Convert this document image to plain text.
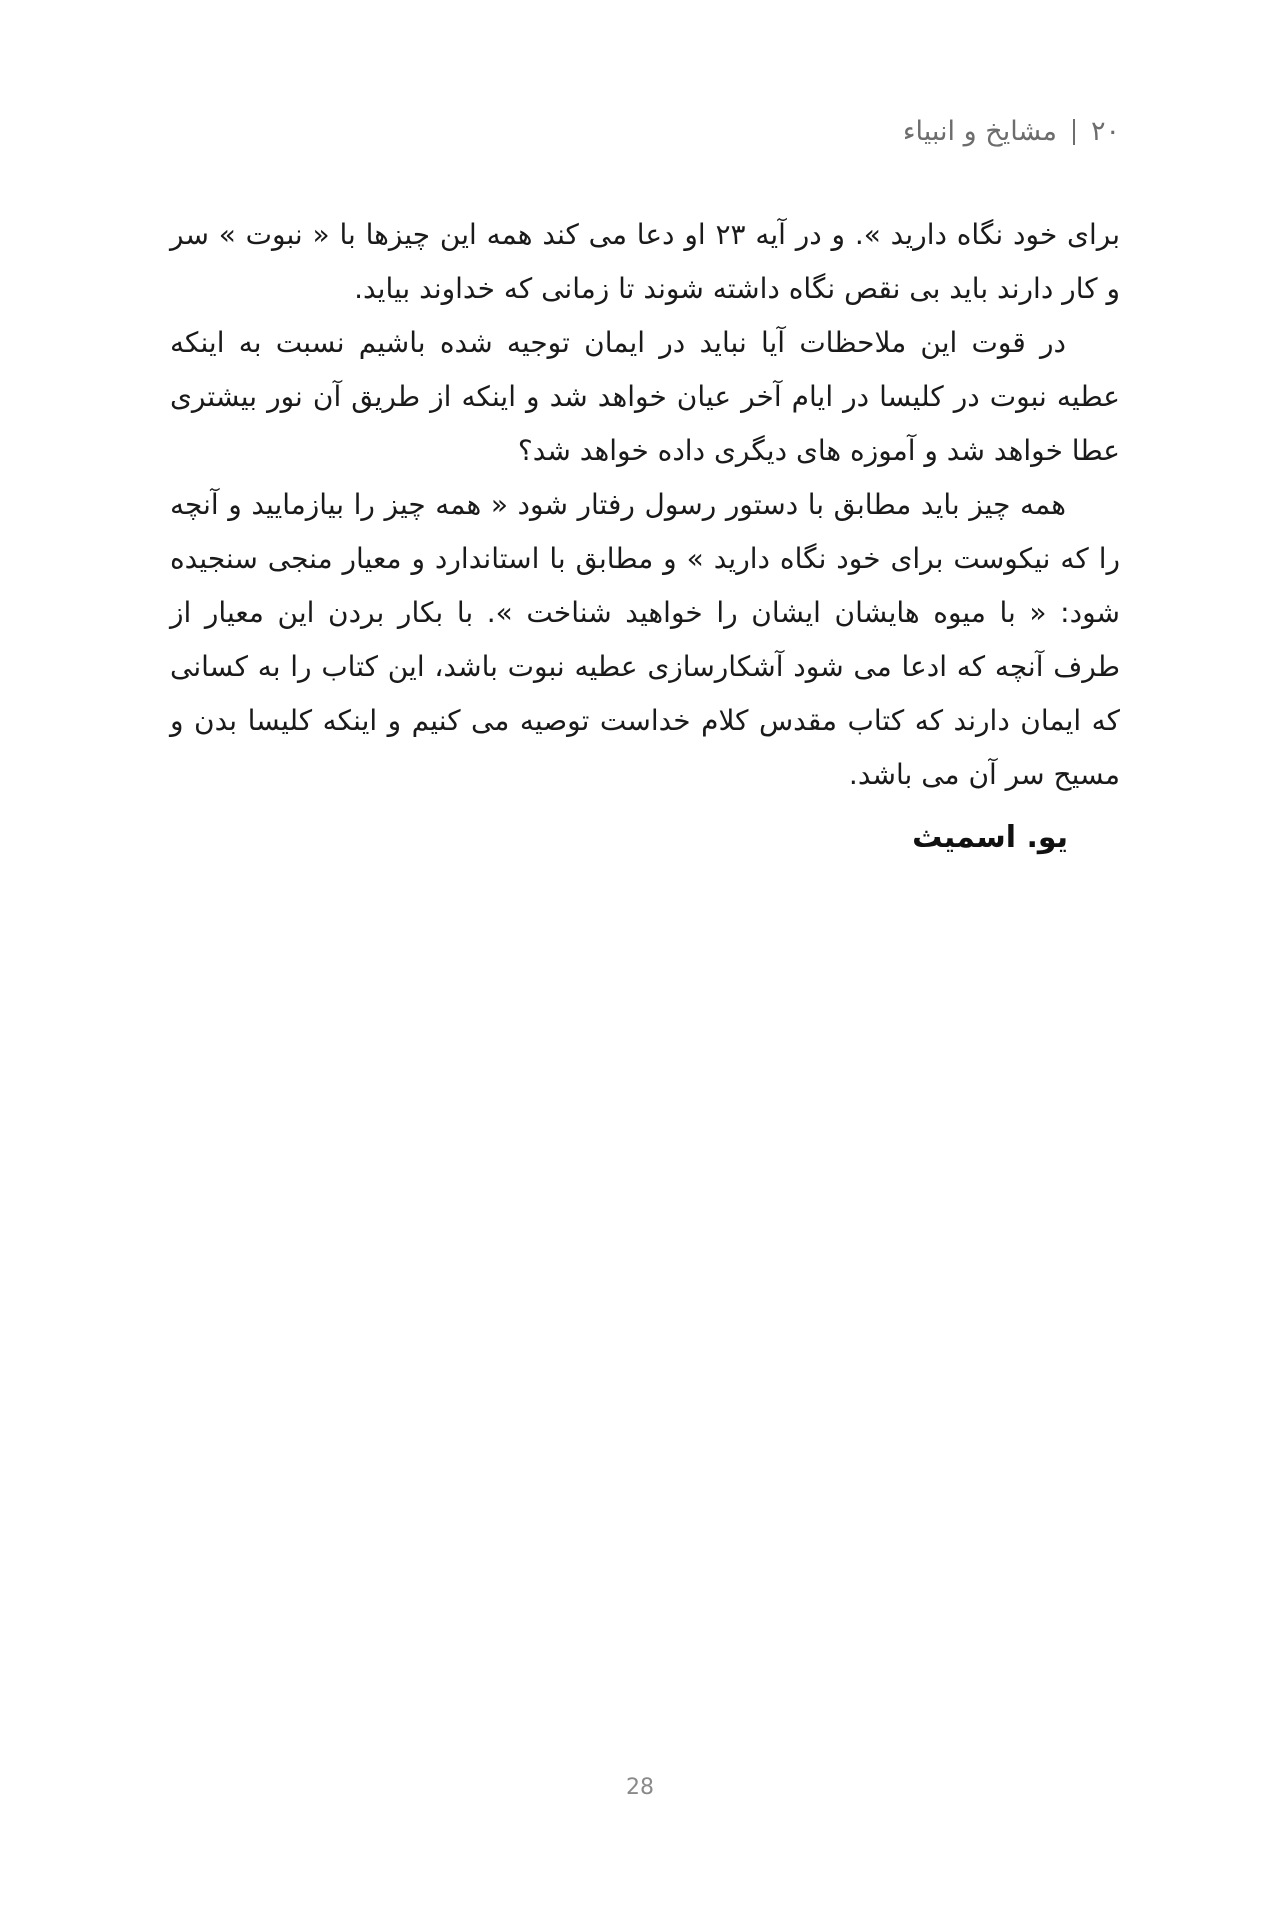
۲۰
مشایخ و انبیاء

برای خود نگاه دارید ». و در آیه ۲۳ او دعا می کند همه این چیزها با « نبوت » سر و کار دارند باید بی نقص نگاه داشته شوند تا زمانی که خداوند بیاید.

در قوت این ملاحظات آیا نباید در ایمان توجیه شده باشیم نسبت به اینکه عطیه نبوت در کلیسا در ایام آخر عیان خواهد شد و اینکه از طریق آن نور بیشتری عطا خواهد شد و آموزه های دیگری داده خواهد شد؟

همه چیز باید مطابق با دستور رسول رفتار شود « همه چیز را بیازمایید و آنچه را که نیکوست برای خود نگاه دارید » و مطابق با استاندارد و معیار منجی سنجیده شود: « با میوه هایشان ایشان را خواهید شناخت ». با بکار بردن این معیار از طرف آنچه که ادعا می شود آشکارسازی عطیه نبوت باشد، این کتاب را به کسانی که ایمان دارند که کتاب مقدس کلام خداست توصیه می کنیم و اینکه کلیسا بدن و مسیح سر آن می باشد.

یو. اسمیث
28
